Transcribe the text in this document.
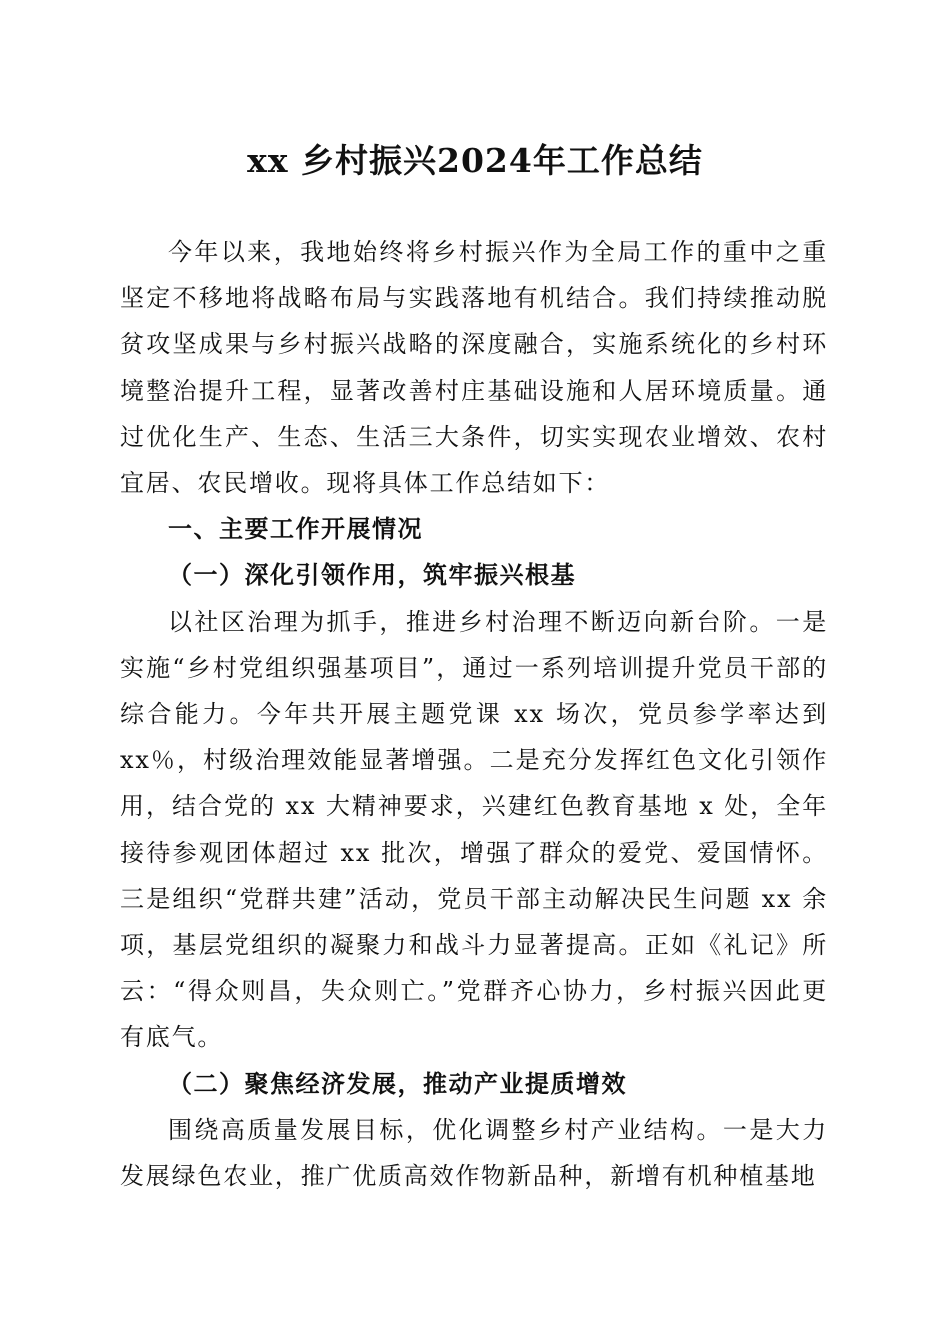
xx 乡村振兴2024年工作总结

今年以来，我地始终将乡村振兴作为全局工作的重中之重坚定不移地将战略布局与实践落地有机结合。我们持续推动脱贫攻坚成果与乡村振兴战略的深度融合，实施系统化的乡村环境整治提升工程，显著改善村庄基础设施和人居环境质量。通过优化生产、生态、生活三大条件，切实实现农业增效、农村宜居、农民增收。现将具体工作总结如下：

一、主要工作开展情况

（一）深化引领作用，筑牢振兴根基

以社区治理为抓手，推进乡村治理不断迈向新台阶。一是实施“乡村党组织强基项目”，通过一系列培训提升党员干部的综合能力。今年共开展主题党课 xx 场次，党员参学率达到xx％，村级治理效能显著增强。二是充分发挥红色文化引领作用，结合党的 xx 大精神要求，兴建红色教育基地 x 处，全年接待参观团体超过 xx 批次，增强了群众的爱党、爱国情怀。三是组织“党群共建”活动，党员干部主动解决民生问题 xx 余项，基层党组织的凝聚力和战斗力显著提高。正如《礼记》所云：“得众则昌，失众则亡。”党群齐心协力，乡村振兴因此更有底气。

（二）聚焦经济发展，推动产业提质增效

围绕高质量发展目标，优化调整乡村产业结构。一是大力发展绿色农业，推广优质高效作物新品种，新增有机种植基地
